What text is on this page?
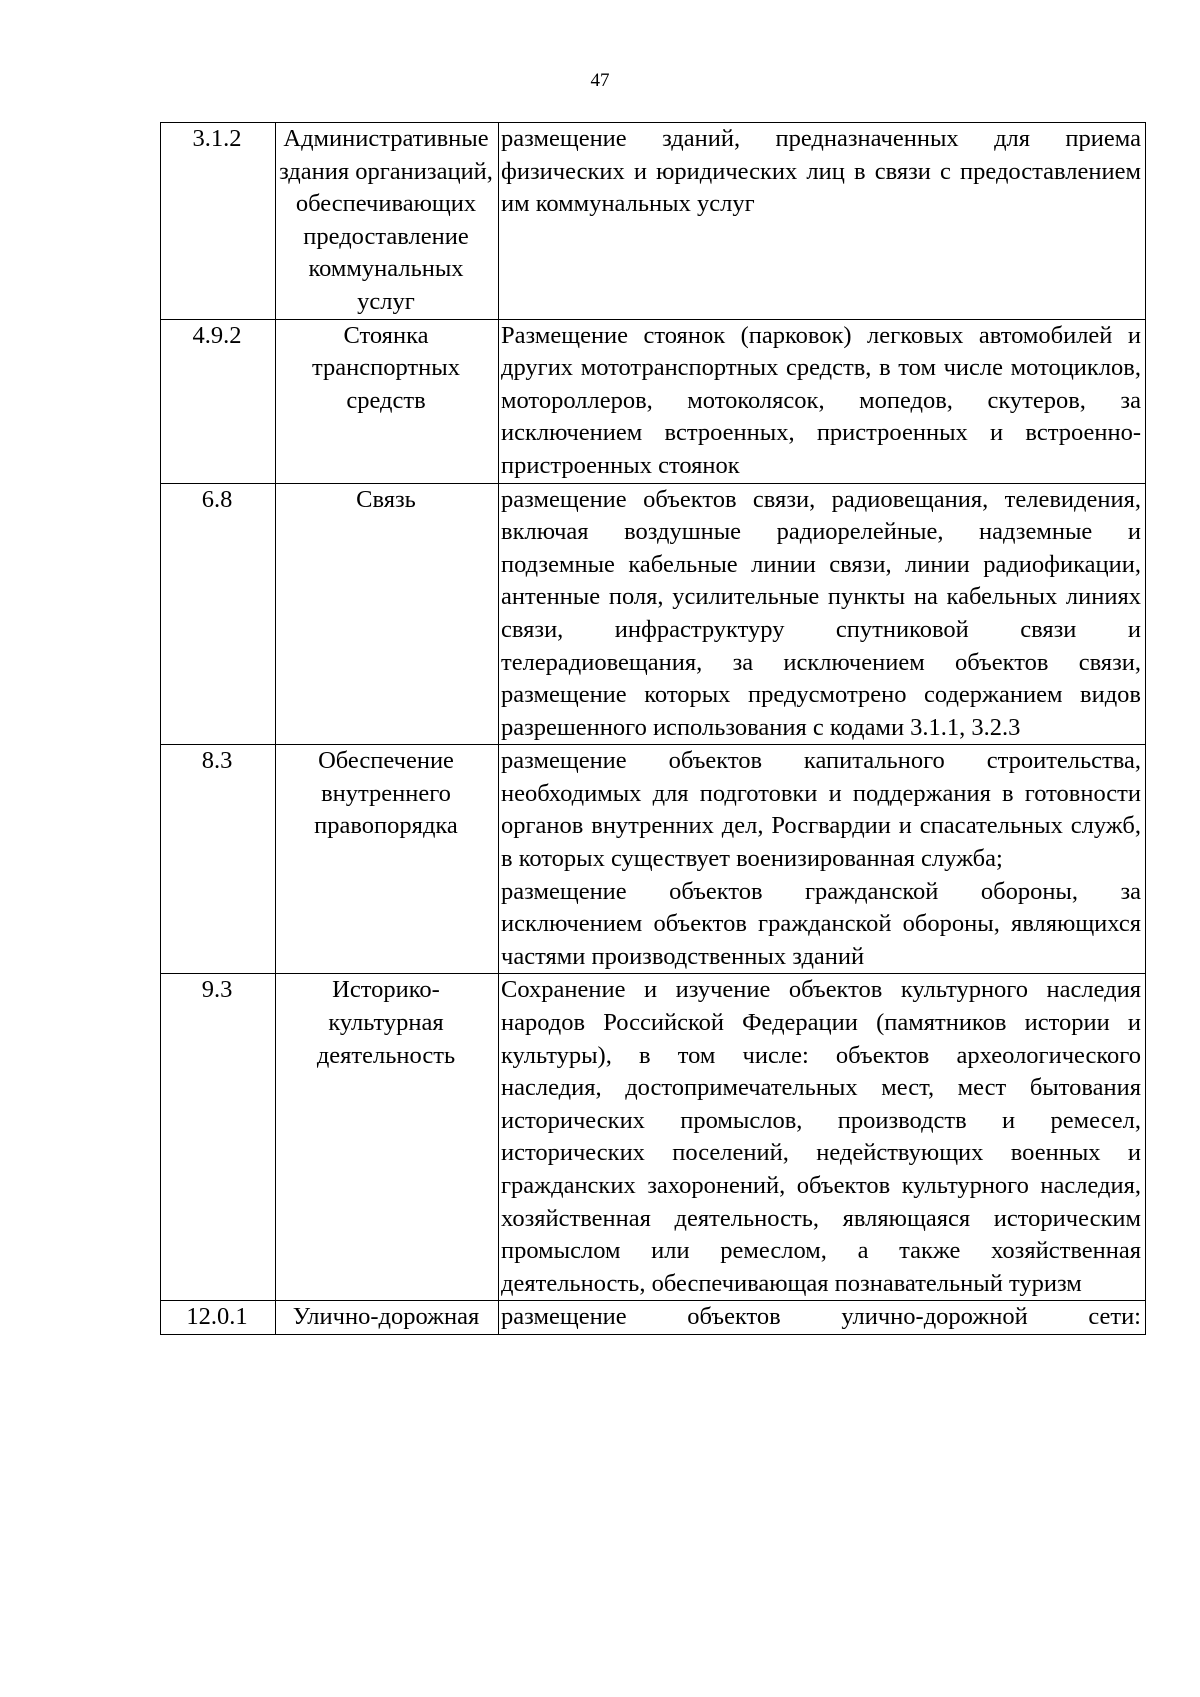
47
3.1.2	Административные здания организаций, обеспечивающих предоставление коммунальных услуг	размещение зданий, предназначенных для приема физических и юридических лиц в связи с предоставлением им коммунальных услуг

4.9.2	Стоянка транспортных средств	Размещение стоянок (парковок) легковых автомобилей и других мототранспортных средств, в том числе мотоциклов, мотороллеров, мотоколясок, мопедов, скутеров, за исключением встроенных, пристроенных и встроенно-пристроенных стоянок

6.8	Связь	размещение объектов связи, радиовещания, телевидения, включая воздушные радиорелейные, надземные и подземные кабельные линии связи, линии радиофикации, антенные поля, усилительные пункты на кабельных линиях связи, инфраструктуру спутниковой связи и телерадиовещания, за исключением объектов связи, размещение которых предусмотрено содержанием видов разрешенного использования с кодами 3.1.1, 3.2.3

8.3	Обеспечение внутреннего правопорядка	размещение объектов капитального строительства, необходимых для подготовки и поддержания в готовности органов внутренних дел, Росгвардии и спасательных служб, в которых существует военизированная служба;
размещение объектов гражданской обороны, за исключением объектов гражданской обороны, являющихся частями производственных зданий

9.3	Историко-культурная деятельность	Сохранение и изучение объектов культурного наследия народов Российской Федерации (памятников истории и культуры), в том числе: объектов археологического наследия, достопримечательных мест, мест бытования исторических промыслов, производств и ремесел, исторических поселений, недействующих военных и гражданских захоронений, объектов культурного наследия, хозяйственная деятельность, являющаяся историческим промыслом или ремеслом, а также хозяйственная деятельность, обеспечивающая познавательный туризм

12.0.1	Улично-дорожная	размещение объектов улично-дорожной сети:
